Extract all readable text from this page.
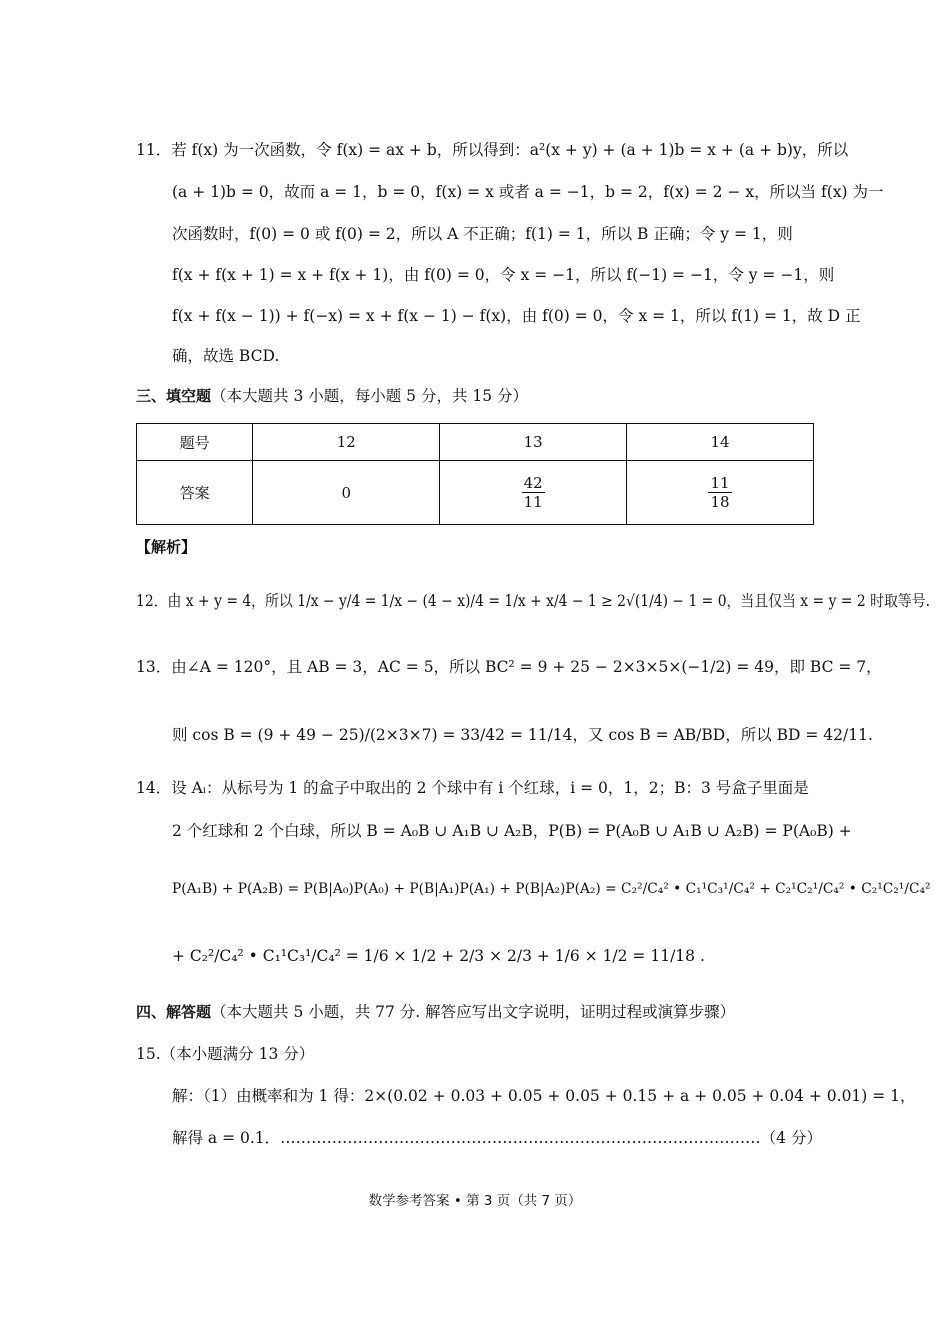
11．若 f(x) 为一次函数，令 f(x) = ax + b，所以得到：a²(x + y) + (a + 1)b = x + (a + b)y，所以
(a + 1)b = 0，故而 a = 1，b = 0，f(x) = x 或者 a = −1，b = 2，f(x) = 2 − x，所以当 f(x) 为一
次函数时，f(0) = 0 或 f(0) = 2，所以 A 不正确；f(1) = 1，所以 B 正确；令 y = 1，则
f(x + f(x + 1) = x + f(x + 1)，由 f(0) = 0，令 x = −1，所以 f(−1) = −1，令 y = −1，则
f(x + f(x − 1)) + f(−x) = x + f(x − 1) − f(x)，由 f(0) = 0，令 x = 1，所以 f(1) = 1，故 D 正
确，故选 BCD.
三、填空题（本大题共 3 小题，每小题 5 分，共 15 分）
题号	12	13	14
答案	0	$\frac{42}{11}$	$\frac{11}{18}$
【解析】
12．由 x + y = 4，所以 1/x − y/4 = 1/x − (4 − x)/4 = 1/x + x/4 − 1 ≥ 2√(1/4) − 1 = 0，当且仅当 x = y = 2 时取等号.
13．由∠A = 120°，且 AB = 3，AC = 5，所以 BC² = 9 + 25 − 2×3×5×(−1/2) = 49，即 BC = 7，
则 cos B = (9 + 49 − 25)/(2×3×7) = 33/42 = 11/14，又 cos B = AB/BD，所以 BD = 42/11.
14．设 Aᵢ：从标号为 1 的盒子中取出的 2 个球中有 i 个红球，i = 0，1，2；B：3 号盒子里面是
2 个红球和 2 个白球，所以 B = A₀B ∪ A₁B ∪ A₂B，P(B) = P(A₀B ∪ A₁B ∪ A₂B) = P(A₀B) +
P(A₁B) + P(A₂B) = P(B|A₀)P(A₀) + P(B|A₁)P(A₁) + P(B|A₂)P(A₂) = C₂²/C₄² • C₁¹C₃¹/C₄² + C₂¹C₂¹/C₄² • C₂¹C₂¹/C₄²
+ C₂²/C₄² • C₁¹C₃¹/C₄² = 1/6 × 1/2 + 2/3 × 2/3 + 1/6 × 1/2 = 11/18 .
四、解答题（本大题共 5 小题，共 77 分. 解答应写出文字说明，证明过程或演算步骤）
15.（本小题满分 13 分）
解：（1）由概率和为 1 得：2×(0.02 + 0.03 + 0.05 + 0.05 + 0.15 + a + 0.05 + 0.04 + 0.01) = 1，
解得 a = 0.1．…………………………………………………………………………………（4 分）
数学参考答案 • 第 3 页（共 7 页）
